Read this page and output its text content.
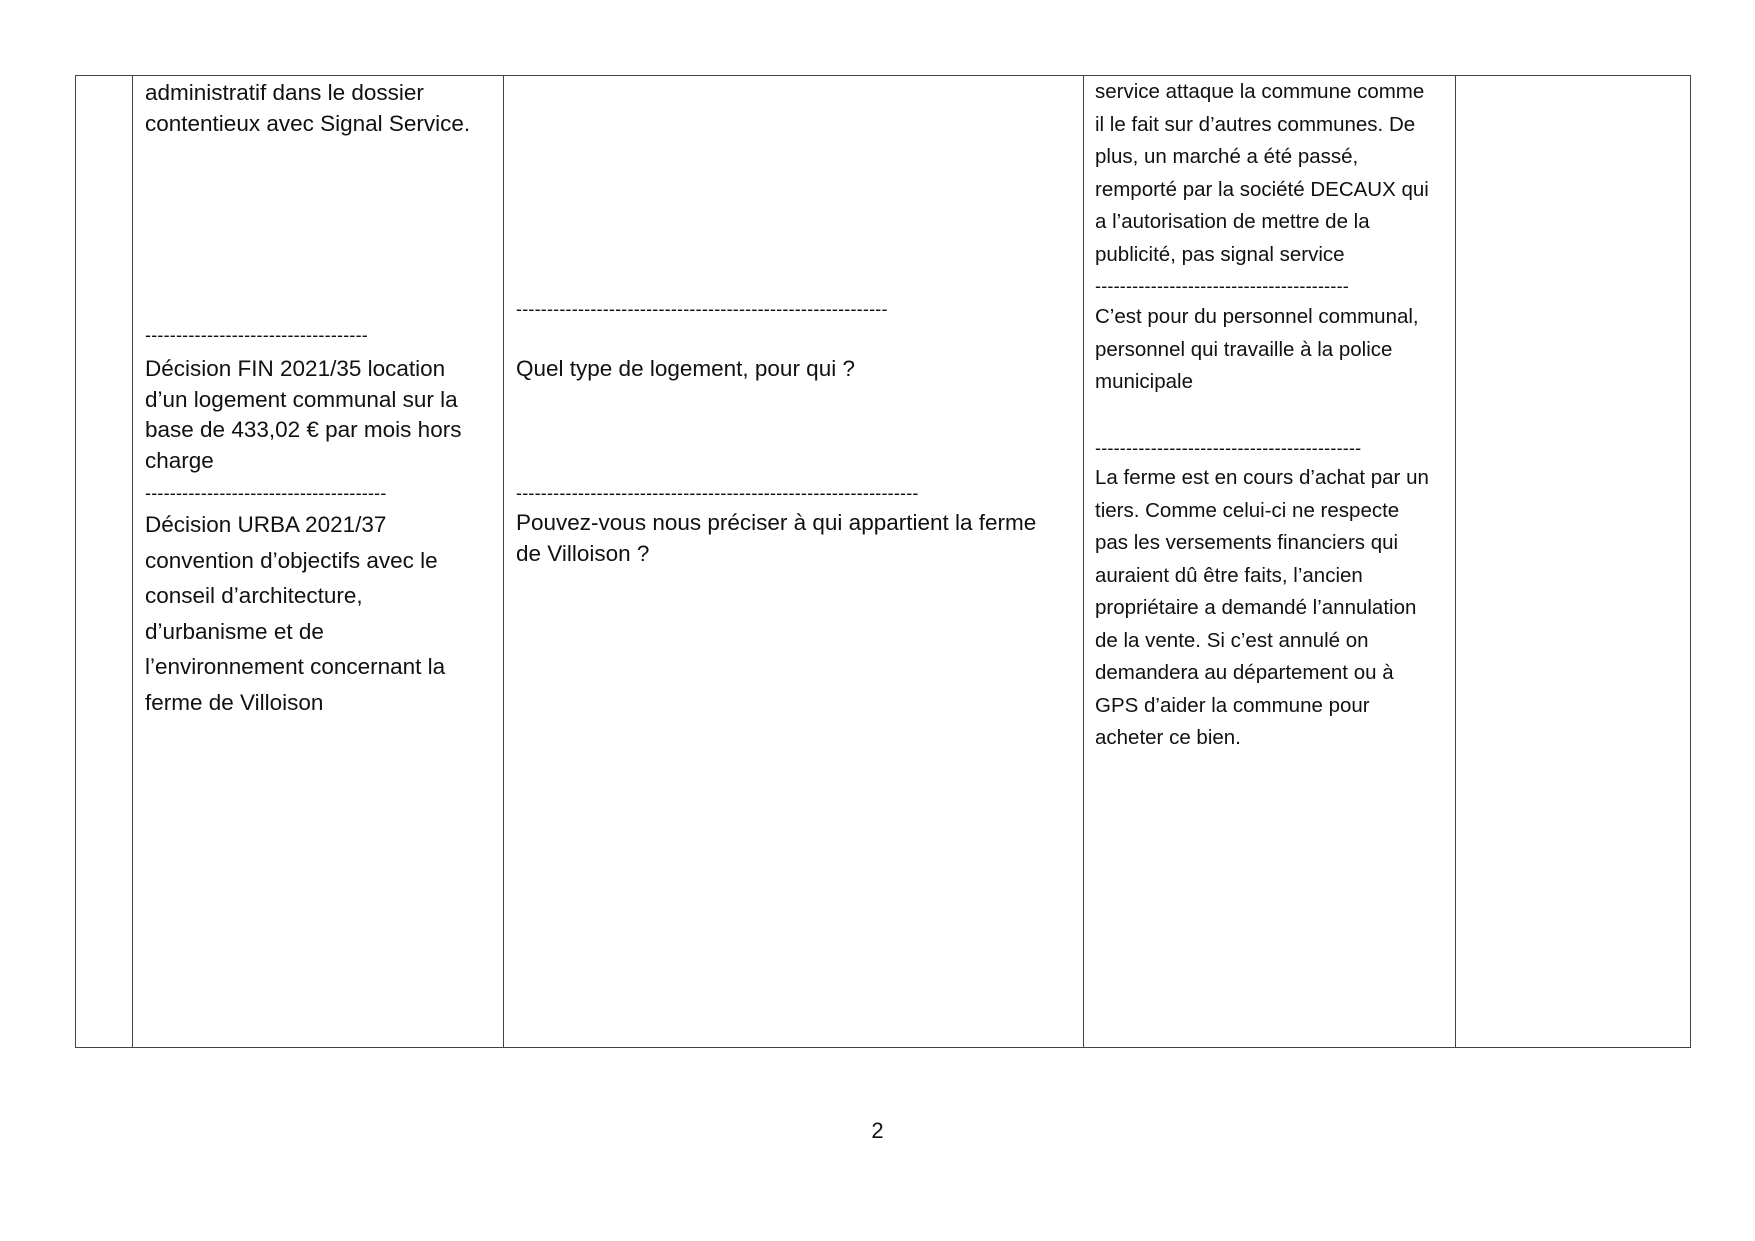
administratif dans le dossier
contentieux avec Signal Service.

------------------------------------

Décision FIN 2021/35 location
d’un logement communal sur la
base de 433,02 € par mois hors
charge

---------------------------------------

Décision URBA 2021/37
convention d’objectifs avec le
conseil d’architecture,
d’urbanisme et de
l’environnement concernant la
ferme de Villoison

------------------------------------------------------------

Quel type de logement, pour qui ?

-----------------------------------------------------------------

Pouvez-vous nous préciser à qui appartient la ferme
de Villoison ?

service attaque la commune comme
il le fait sur d’autres communes. De
plus, un marché a été passé,
remporté par la société DECAUX qui
a l’autorisation de mettre de la
publicité, pas signal service

-----------------------------------------

C’est pour du personnel communal,
personnel qui travaille à la police
municipale

-------------------------------------------

La ferme est en cours d’achat par un
tiers. Comme celui-ci ne respecte
pas les versements financiers qui
auraient dû être faits, l’ancien
propriétaire a demandé l’annulation
de la vente. Si c’est annulé on
demandera au département ou à
GPS d’aider la commune pour
acheter ce bien.

2
